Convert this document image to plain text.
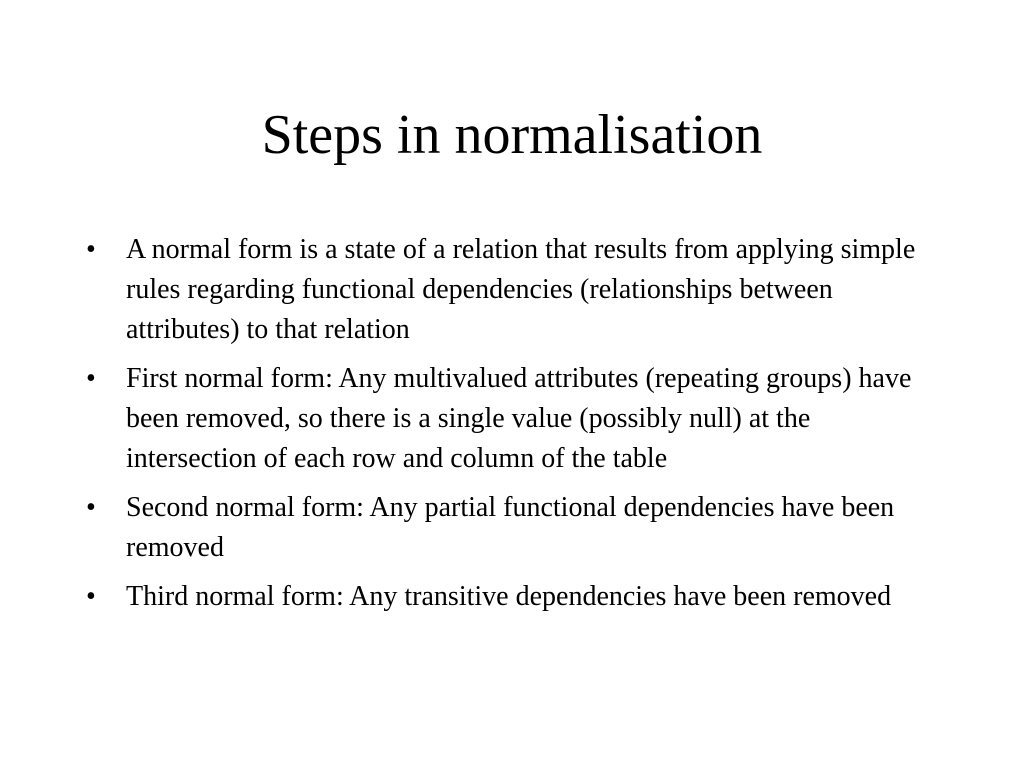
Steps in normalisation
•	A normal form is a state of a relation that results from applying simple rules regarding functional dependencies (relationships between attributes) to that relation
•	First normal form: Any multivalued attributes (repeating groups) have been removed, so there is a single value (possibly null) at the intersection of each row and column of the table
•	Second normal form: Any partial functional dependencies have been removed
•	Third normal form: Any transitive dependencies have been removed
